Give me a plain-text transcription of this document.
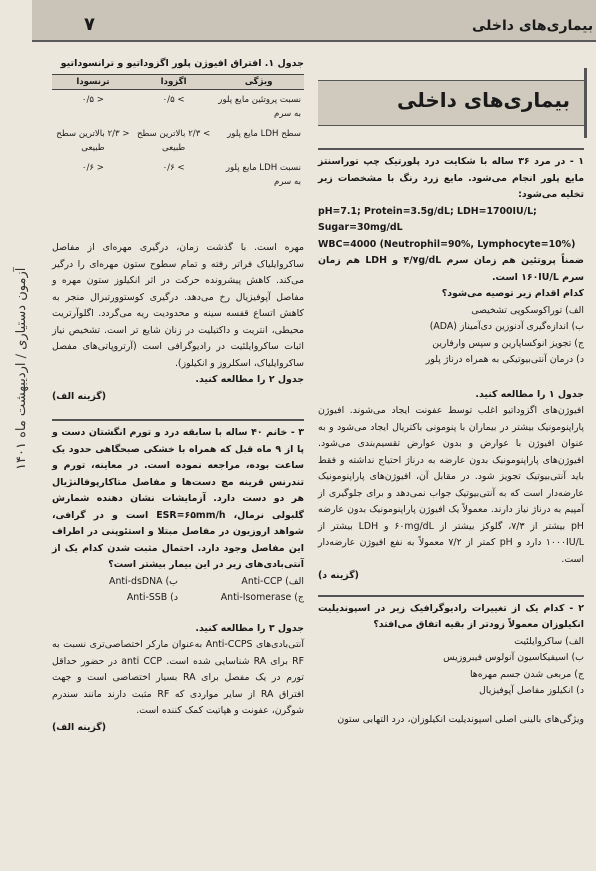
۷	بیماری‌های داخلی
آزمون دستیاری / اردیبهشت ماه ۱۴۰۱
جدول ۱. افتراق افیوژن پلور اگزوداتیو و ترانسوداتیو
ویژگی	اگزودا	ترنسودا
نسبت پروتئین مایع پلور به سرم	> ۰/۵	< ۰/۵
سطح LDH مایع پلور	> ۲/۳ بالاترین سطح طبیعی	< ۲/۳ بالاترین سطح طبیعی
نسبت LDH مایع پلور به سرم	> ۰/۶	< ۰/۶

مهره است. با گذشت زمان، درگیری مهره‌ای از مفاصل ساکروایلیاک فراتر رفته و تمام سطوح ستون مهره‌ای را درگیر می‌کند. کاهش پیشرونده حرکت در اثر انکیلوز ستون مهره و مفاصل آپوفیزیال رخ می‌دهد. درگیری کوستوورتبرال منجر به کاهش اتساع قفسه سینه و محدودیت ریه می‌گردد. اگلوآرتریت محیطی، انتریت و داکتیلیت در زنان شایع تر است. تشخیص نیاز اثبات ساکروایلئیت در رادیوگرافی است (آرتروپاتی‌های مفصل ساکروایلیاک، اسکلروز و انکیلوز).

جدول ۲ را مطالعه کنید.

(گزینه الف)

۳ - خانم ۴۰ ساله با سابقه درد و تورم انگشتان دست و پا از ۹ ماه قبل که همراه با خشکی صبحگاهی حدود یک ساعت بوده، مراجعه نموده است. در معاینه، تورم و تندرنس قرینه مچ دست‌ها و مفاصل متاکارپوفالنژیال هر دو دست دارد. آزمایشات نشان دهنده شمارش گلبولی نرمال، ESR=۶۵mm/h است و در گرافی، شواهد اروزیون در مفاصل مبتلا و استئوپنی در اطراف این مفاصل وجود دارد. احتمال مثبت شدن کدام یک از آنتی‌بادی‌های زیر در این بیمار بیشتر است؟

الف) Anti-CCP
ب) Anti-dsDNA
ج) Anti-Isomerase
د) Anti-SSB

جدول ۳ را مطالعه کنید.

آنتی‌بادی‌های Anti-CCPS به‌عنوان مارکر اختصاصی‌تری نسبت به RF برای RA شناسایی شده است. anti CCP در حضور حداقل تورم در یک مفصل برای RA بسیار اختصاصی است و جهت افتراق RA از سایر مواردی که RF مثبت دارند مانند سندرم شوگرن، عفونت و هپاتیت کمک کننده است.

(گزینه الف)

بیماری‌های داخلی

۱ - در مرد ۳۶ ساله با شکایت درد پلورتیک چپ توراسنتز مایع پلور انجام می‌شود. مایع زرد رنگ با مشخصات زیر تخلیه می‌شود:

pH=7.1; Protein=3.5g/dL; LDH=1700IU/L;

Sugar=30mg/dL

WBC=4000 (Neutrophil=90%, Lymphocyte=10%)

ضمناً پروتئین هم زمان سرم ۴/۷g/dL و LDH هم زمان سرم ۱۶۰IU/L است.

کدام اقدام زیر توصیه می‌شود؟

الف) توراکوسکوپی تشخیصی

ب) اندازه‌گیری آدنوزین دی‌آمیناز (ADA)

ج) تجویز انوکساپارین و سپس وارفارین

د) درمان آنتی‌بیوتیکی به همراه درناژ پلور

جدول ۱ را مطالعه کنید.

افیوژن‌های اگزوداتیو اغلب توسط عفونت ایجاد می‌شوند. افیوژن پاراپنومونیک بیشتر در بیماران با پنومونی باکتریال ایجاد می‌شود و به عنوان افیوژن با عوارض و بدون عوارض تقسیم‌بندی می‌شود. افیوژن‌های پاراپنومونیک بدون عارضه به درناژ احتیاج نداشته و فقط باید آنتی‌بیوتیک تجویز شود. در مقابل آن، افیوژن‌های پاراپنومونیک عارضه‌دار است که به آنتی‌بیوتیک جواب نمی‌دهد و برای جلوگیری از آمپیم به درناژ نیاز دارند. معمولاً یک افیوژن پاراپنومونیک بدون عارضه pH بیشتر از ۷/۳، گلوکز بیشتر از ۶۰mg/dL و LDH بیشتر از ۱۰۰۰IU/L دارد و pH کمتر از ۷/۲ معمولاً به نفع افیوژن عارضه‌دار است.

(گزینه د)

۲ - کدام یک از تغییرات رادیوگرافیک زیر در اسپوندیلیت انکیلوزان معمولاً زودتر از بقیه اتفاق می‌افتد؟

الف) ساکروایلئیت

ب) اسیفیکاسیون آنولوس فیبروزیس

ج) مربعی شدن جسم مهره‌ها

د) انکیلوز مفاصل آپوفیزیال

ویژگی‌های بالینی اصلی اسپوندیلیت انکیلوزان، درد التهابی ستون
